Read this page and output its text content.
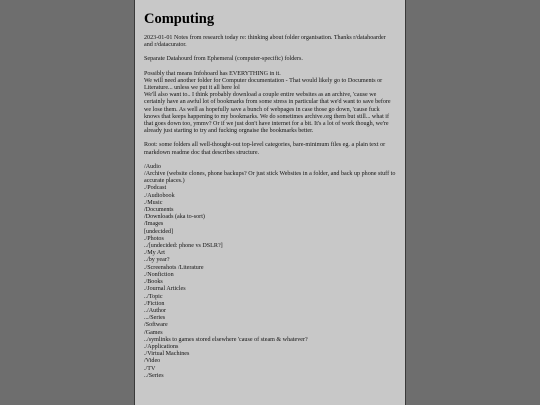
Computing

2023-01-01 Notes from research today re: thinking about folder organisation. Thanks r/datahoarder and r/datacurator.

Separate Datahourd from Ephemeral (computer-specific) folders.

Possibly that means Infohoard has EVERYTHING in it.
We will need another folder for Computer documentation - That would likely go to Documents or Literature... unless we put it all here lol
We'll also want to.. I think probably download a couple entire websites as an archive, 'cause we certainly have an awful lot of bookmarks from some stress in particular that we'd want to save before we lose them. As well as hopefully save a bunch of webpages in case those go down, 'cause fuck knows that keeps happening to my bookmarks. We do sometimes archive.org them but still... what if that goes down too, ymmv? Or if we just don't have internet for a bit. It's a lot of work though, we're already just starting to try and fucking orgnaise the bookmarks better.

Root: some folders all well-thought-out top-level categories, bare-minimum files eg. a plain text or markdown readme doc that describes structure.

/Audio
/Archive (website clones, phone backups? Or just stick Websites in a folder, and back up phone stuff to accurate places.)
./Podcast
./Audiobook
./Music
/Documents
/Downloads (aka to-sort)
/Images
[undecided]
./Photos
../[undecided: phone vs DSLR?]
./My Art
../by year?
./Screenshots /Literature
./Nonfiction
./Books
./Journal Articles
../Topic
./Fiction
../Author
.../Series
/Software
/Games
../symlinks to games stored elsewhere 'cause of steam & whatever?
./Applications
./Virtual Machines
/Video
./TV
../Series
